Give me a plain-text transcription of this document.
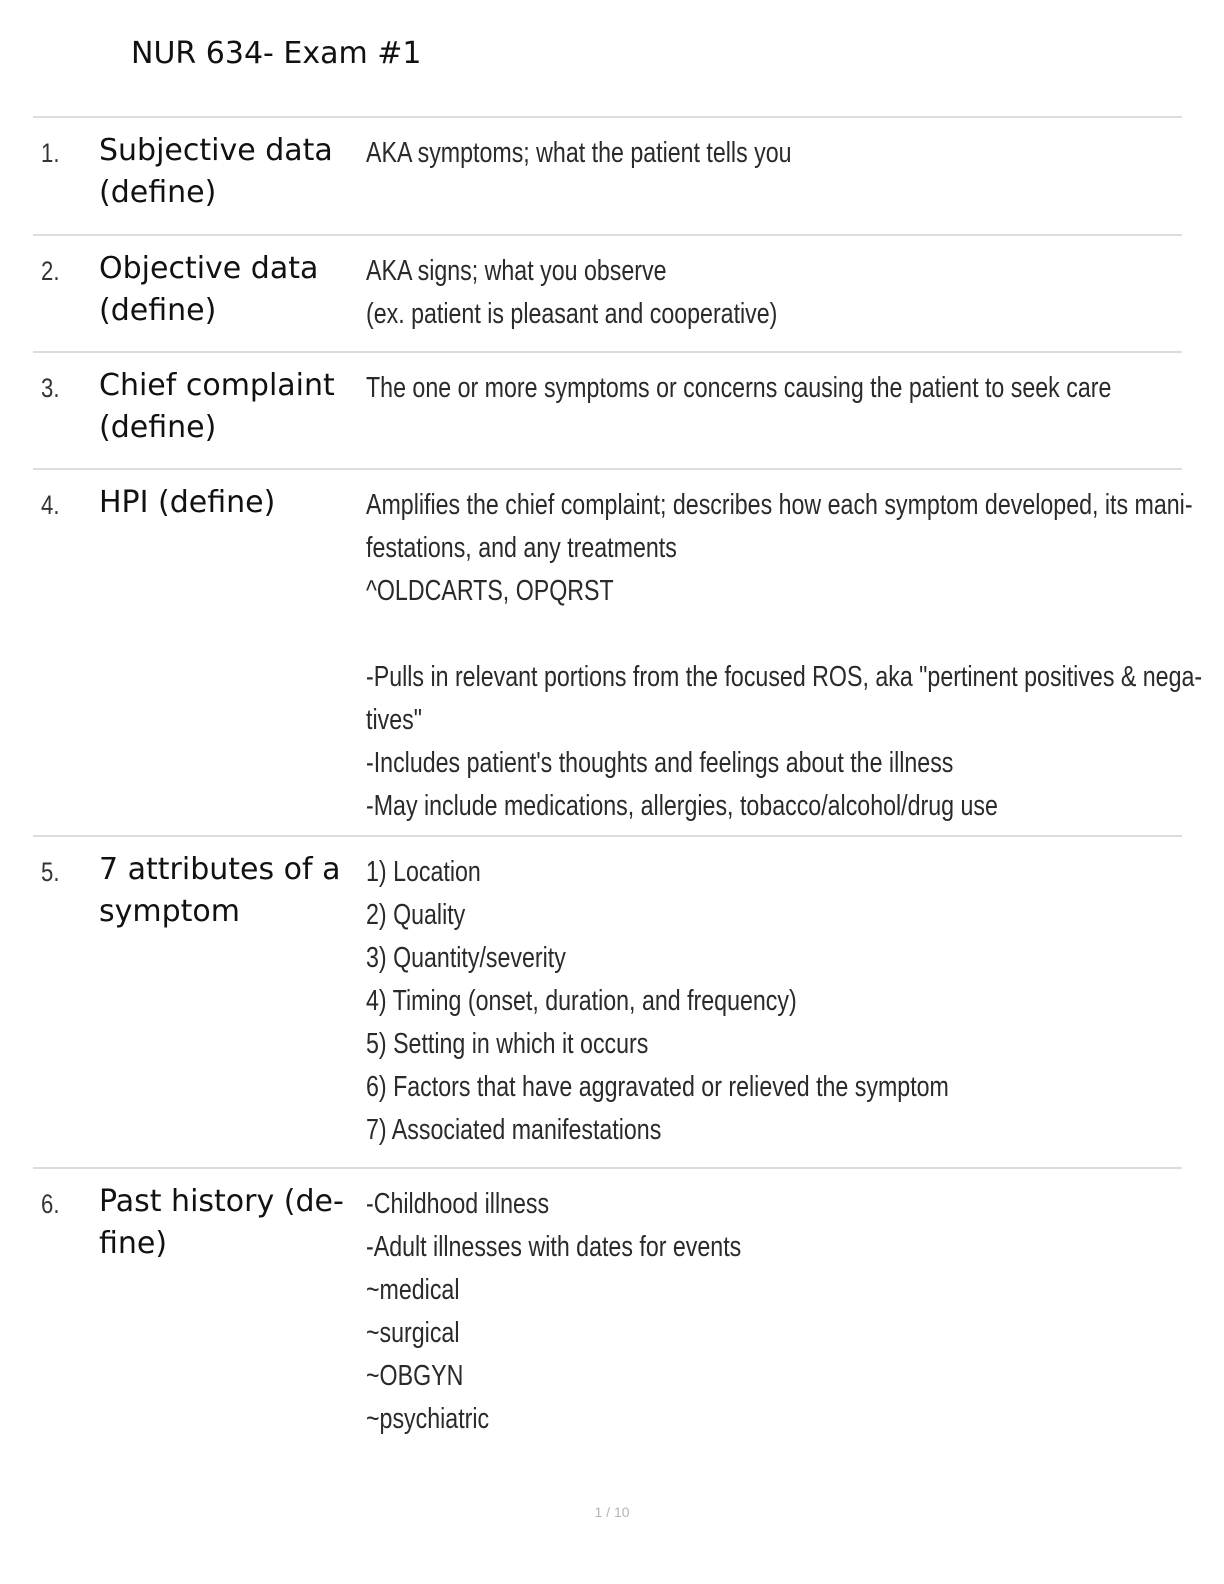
NUR 634- Exam #1
1. Subjective data (define)
AKA symptoms; what the patient tells you
2. Objective data (define)
AKA signs; what you observe
(ex. patient is pleasant and cooperative)
3. Chief complaint (define)
The one or more symptoms or concerns causing the patient to seek care
4. HPI (define)	Amplifies the chief complaint; describes how each symptom developed, its mani-
festations, and any treatments
^OLDCARTS, OPQRST
-Pulls in relevant portions from the focused ROS, aka "pertinent positives & nega-
tives"
-Includes patient's thoughts and feelings about the illness
-May include medications, allergies, tobacco/alcohol/drug use
5. 7 attributes of a symptom
1) Location
2) Quality
3) Quantity/severity
4) Timing (onset, duration, and frequency)
5) Setting in which it occurs
6) Factors that have aggravated or relieved the symptom
7) Associated manifestations
6. Past history (de-fine)
-Childhood illness
-Adult illnesses with dates for events
~medical
~surgical
~OBGYN
~psychiatric
1 / 10
